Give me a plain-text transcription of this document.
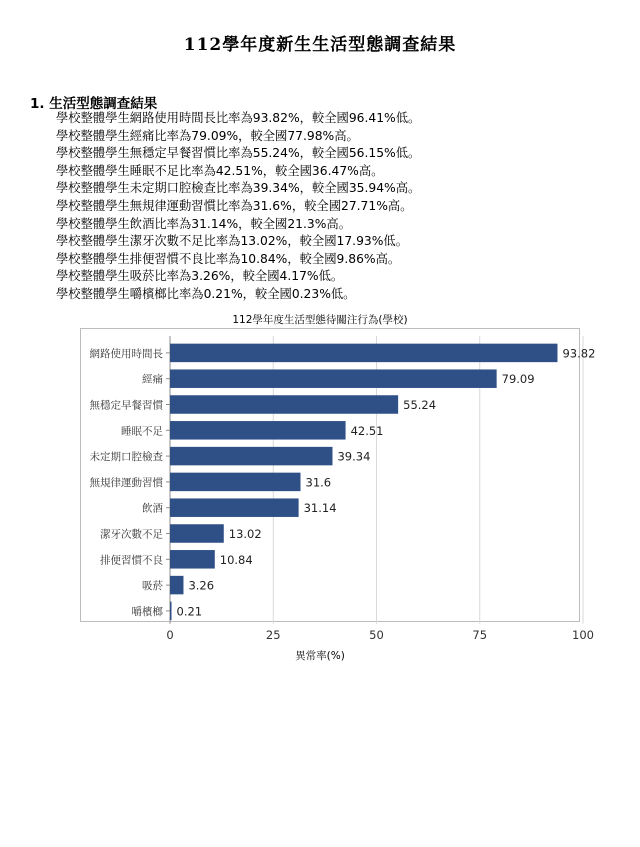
112學年度新生生活型態調查結果
1. 生活型態調查結果
學校整體學生網路使用時間長比率為93.82%，較全國96.41%低。
學校整體學生經痛比率為79.09%，較全國77.98%高。
學校整體學生無穩定早餐習慣比率為55.24%，較全國56.15%低。
學校整體學生睡眠不足比率為42.51%，較全國36.47%高。
學校整體學生未定期口腔檢查比率為39.34%，較全國35.94%高。
學校整體學生無規律運動習慣比率為31.6%，較全國27.71%高。
學校整體學生飲酒比率為31.14%，較全國21.3%高。
學校整體學生潔牙次數不足比率為13.02%，較全國17.93%低。
學校整體學生排便習慣不良比率為10.84%，較全國9.86%高。
學校整體學生吸菸比率為3.26%，較全國4.17%低。
學校整體學生嚼檳榔比率為0.21%，較全國0.23%低。
112學年度生活型態待關注行為(學校)
0	25	50	75	100
網路使用時間長	93.82
經痛	79.09
無穩定早餐習慣	55.24
睡眠不足	42.51
未定期口腔檢查	39.34
無規律運動習慣	31.6
飲酒	31.14
潔牙次數不足	13.02
排便習慣不良	10.84
吸菸 3.26
嚼檳榔 0.21
異常率(%)
